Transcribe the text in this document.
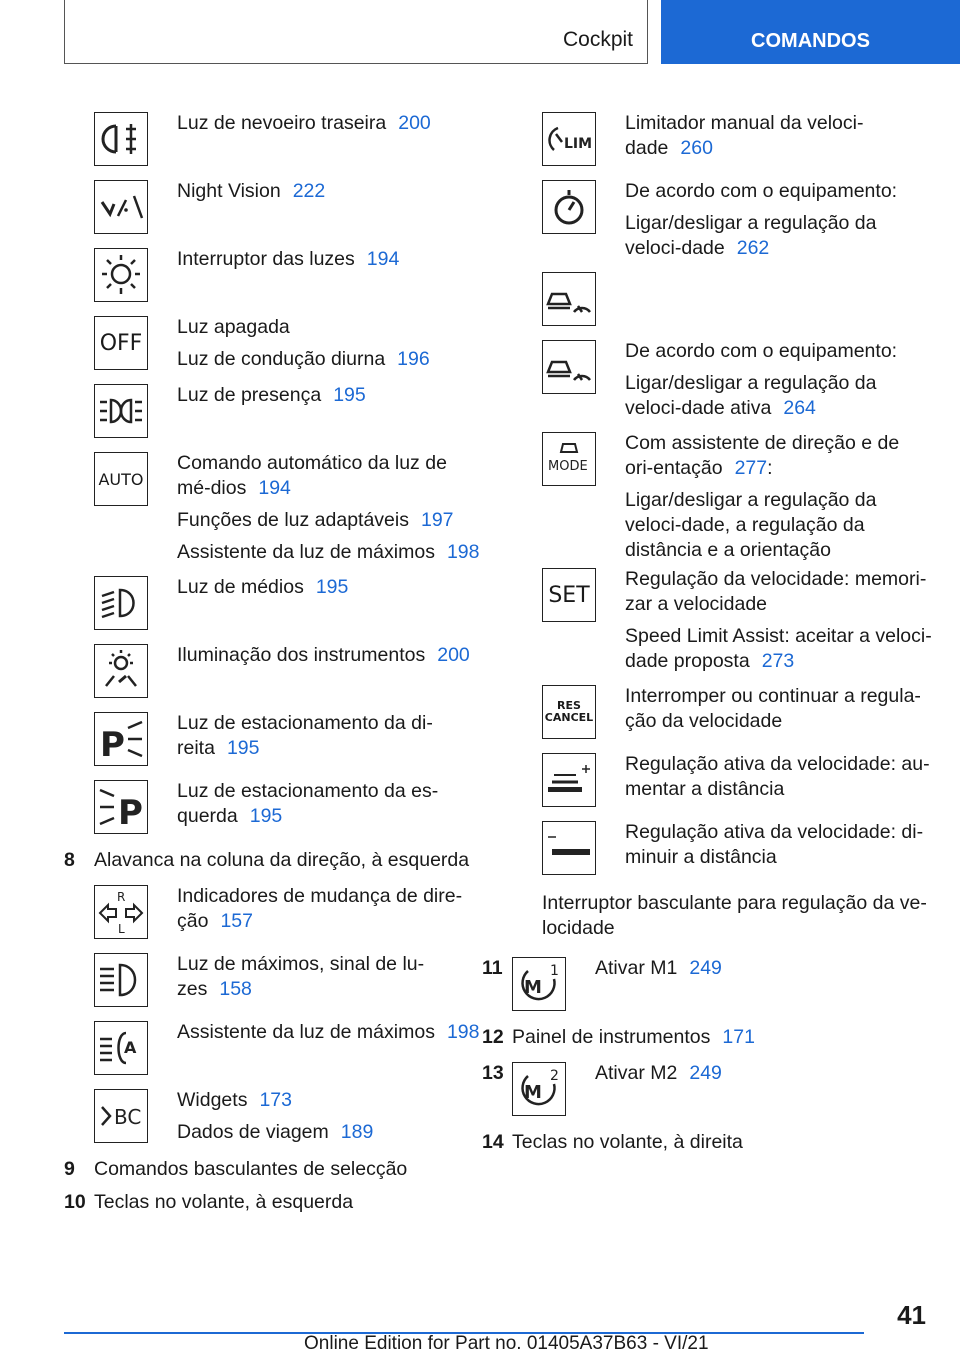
Cockpit	COMANDOS

Luz de nevoeiro traseira 200

Night Vision 222

Interruptor das luzes 194

OFF

Luz apagada

Luz de condução diurna 196

Luz de presença 195

AUTO

Comando automático da luz de mé-dios 194

Funções de luz adaptáveis 197

Assistente da luz de máximos 198

Luz de médios 195

Iluminação dos instrumentos 200

P

Luz de estacionamento da di-reita 195

P

Luz de estacionamento da es-querda 195

8 Alavanca na coluna da direção, à esquerda
R
L

Indicadores de mudança de dire-ção 157

Luz de máximos, sinal de lu-zes 158

A

Assistente da luz de máximos 198

BC

Widgets 173

Dados de viagem 189

9 Comandos basculantes de selecção
10 Teclas no volante, à esquerda
LIM

Limitador manual da veloci-dade 260

De acordo com o equipamento:

Ligar/desligar a regulação da veloci-dade 262

De acordo com o equipamento:

Ligar/desligar a regulação da veloci-dade ativa 264

MODE

Com assistente de direção e de ori-entação 277:

Ligar/desligar a regulação da veloci-dade, a regulação da distância e a orientação

SET

Regulação da velocidade: memori-zar a velocidade

Speed Limit Assist: aceitar a veloci-dade proposta 273

RES
CANCEL

Interromper ou continuar a regula-ção da velocidade

Regulação ativa da velocidade: au-mentar a distância

Regulação ativa da velocidade: di-minuir a distância

Interruptor basculante para regulação da ve-locidade
11
M
1 Ativar M1 249

12 Painel de instrumentos 171
13
M
2 Ativar M2 249

14 Teclas no volante, à direita
41
Online Edition for Part no. 01405A37B63 - VI/21
